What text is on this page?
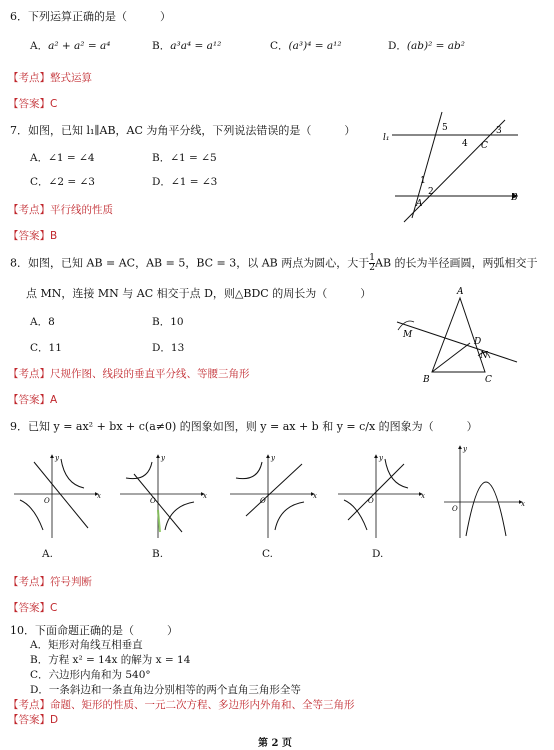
6．下列运算正确的是（　　　）
A．a² + a² = a⁴	B．a³a⁴ = a¹²	C．(a³)⁴ = a¹²	D．(ab)² = ab²
【考点】整式运算
【答案】C
7．如图，已知 l₁∥AB，AC 为角平分线，下列说法错误的是（　　　）
A．∠1 = ∠4	B．∠1 = ∠5
C．∠2 = ∠3	D．∠1 = ∠3
【考点】平行线的性质
【答案】B
l₁
5	3
4 C
1
2
A
B
8．如图，已知 AB = AC，AB = 5，BC = 3，以 AB 两点为圆心，大于 $\frac{1}{2}$ AB 的长为半径画圆，两弧相交于
点 MN，连接 MN 与 AC 相交于点 D，则△BDC 的周长为（　　　）
A．8	B．10
C．11	D．13
【考点】尺规作图、线段的垂直平分线、等腰三角形
【答案】A
A
M
D
N
B	C
9．已知 y = ax² + bx + c(a≠0) 的图象如图，则 y = ax + b 和 y = c/x 的图象为（　　　）
O
x
y
O
x
y
O
x
y
O
x
y
O
x
y
A.	B.	C.	D.
【考点】符号判断
【答案】C
10．下面命题正确的是（　　　）
A．矩形对角线互相垂直
B．方程 x² = 14x 的解为 x = 14
C．六边形内角和为 540°
D．一条斜边和一条直角边分别相等的两个直角三角形全等
【考点】命题、矩形的性质、一元二次方程、多边形内外角和、全等三角形
【答案】D
第 2 页
